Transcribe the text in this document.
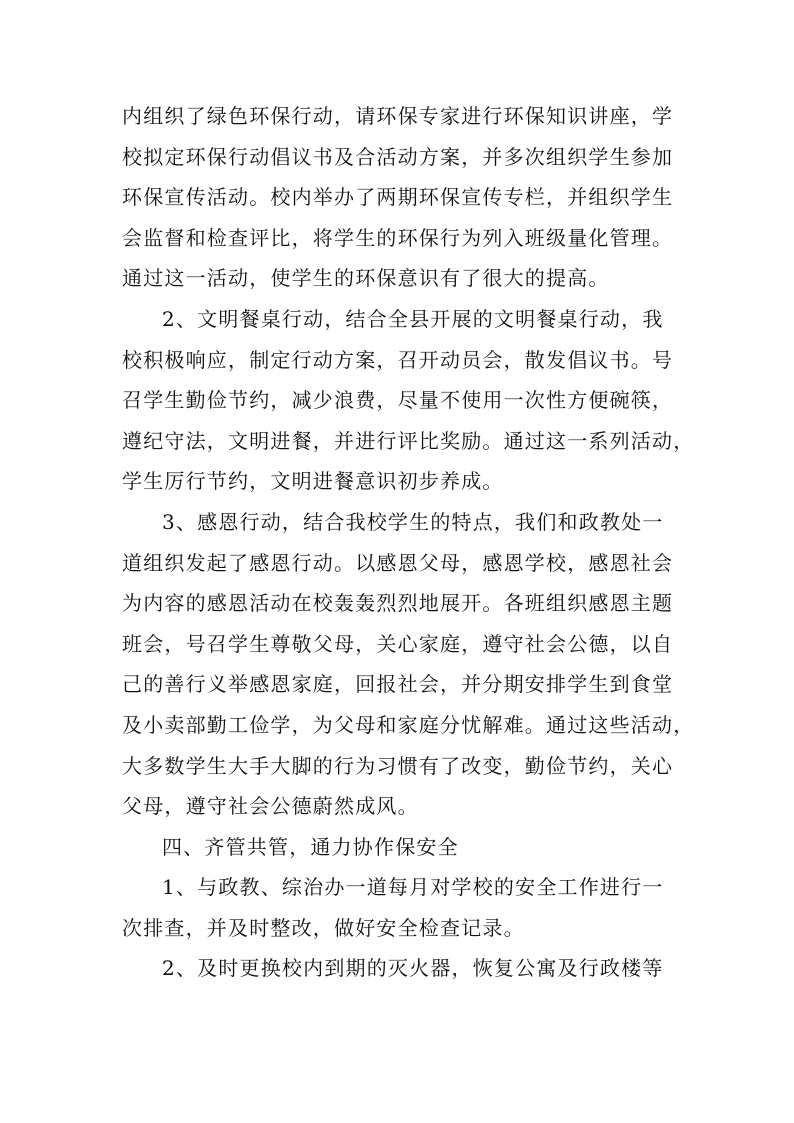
内组织了绿色环保行动，请环保专家进行环保知识讲座，学
校拟定环保行动倡议书及合活动方案，并多次组织学生参加
环保宣传活动。校内举办了两期环保宣传专栏，并组织学生
会监督和检查评比，将学生的环保行为列入班级量化管理。
通过这一活动，使学生的环保意识有了很大的提高。
2、文明餐桌行动，结合全县开展的文明餐桌行动，我
校积极响应，制定行动方案，召开动员会，散发倡议书。号
召学生勤俭节约，减少浪费，尽量不使用一次性方便碗筷，
遵纪守法，文明进餐，并进行评比奖励。通过这一系列活动，
学生厉行节约，文明进餐意识初步养成。
3、感恩行动，结合我校学生的特点，我们和政教处一
道组织发起了感恩行动。以感恩父母，感恩学校，感恩社会
为内容的感恩活动在校轰轰烈烈地展开。各班组织感恩主题
班会，号召学生尊敬父母，关心家庭，遵守社会公德，以自
己的善行义举感恩家庭，回报社会，并分期安排学生到食堂
及小卖部勤工俭学，为父母和家庭分忧解难。通过这些活动，
大多数学生大手大脚的行为习惯有了改变，勤俭节约，关心
父母，遵守社会公德蔚然成风。
四、齐管共管，通力协作保安全
1、与政教、综治办一道每月对学校的安全工作进行一
次排查，并及时整改，做好安全检查记录。
2、及时更换校内到期的灭火器，恢复公寓及行政楼等
